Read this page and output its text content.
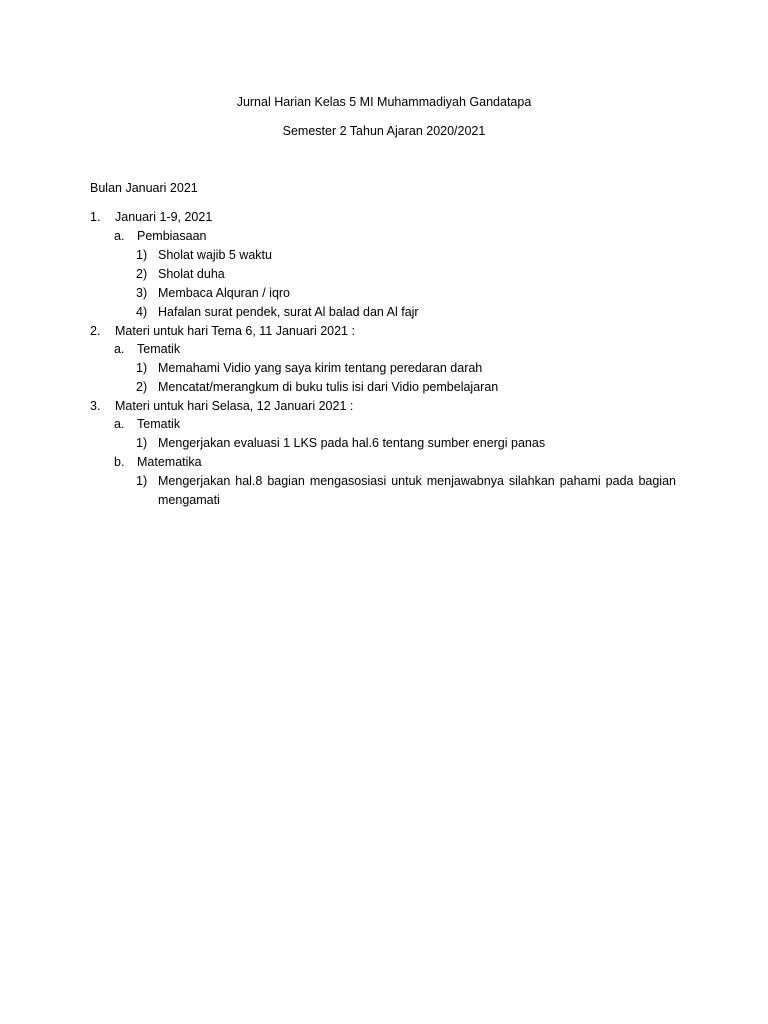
Jurnal Harian Kelas 5 MI Muhammadiyah Gandatapa
Semester 2 Tahun Ajaran 2020/2021
Bulan Januari 2021
1. Januari 1-9, 2021
a. Pembiasaan
1) Sholat wajib 5 waktu
2) Sholat duha
3) Membaca Alquran / iqro
4) Hafalan surat pendek, surat Al balad dan Al fajr
2. Materi untuk hari Tema 6, 11 Januari 2021 :
a. Tematik
1) Memahami Vidio yang saya kirim tentang peredaran darah
2) Mencatat/merangkum di buku tulis isi dari Vidio pembelajaran
3. Materi untuk hari Selasa, 12 Januari 2021 :
a. Tematik
1) Mengerjakan evaluasi 1 LKS pada hal.6 tentang sumber energi panas
b. Matematika
1) Mengerjakan hal.8 bagian mengasosiasi untuk menjawabnya silahkan pahami pada bagian mengamati
